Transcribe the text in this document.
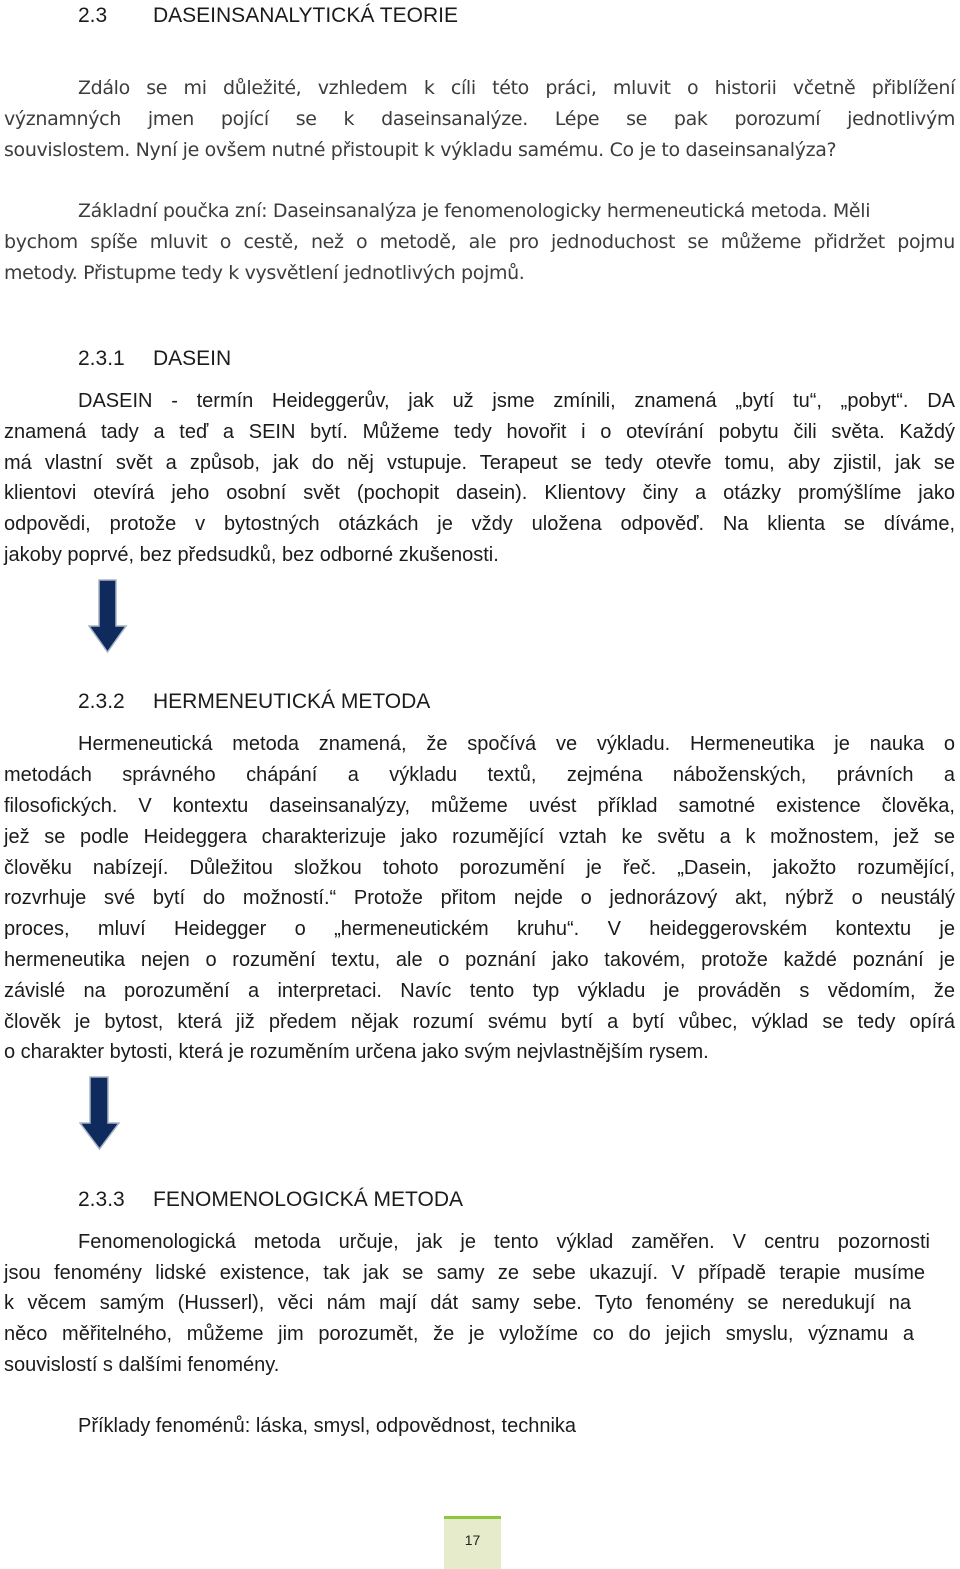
2.3 DASEINSANALYTICKÁ TEORIE
Zdálo se mi důležité, vzhledem k cíli této práci, mluvit o historii včetně přiblížení
významných jmen pojící se k daseinsanalýze. Lépe se pak porozumí jednotlivým
souvislostem. Nyní je ovšem nutné přistoupit k výkladu samému. Co je to daseinsanalýza?
Základní poučka zní: Daseinsanalýza je fenomenologicky hermeneutická metoda. Měli
bychom spíše mluvit o cestě, než o metodě, ale pro jednoduchost se můžeme přidržet pojmu
metody. Přistupme tedy k vysvětlení jednotlivých pojmů.
2.3.1 DASEIN
DASEIN - termín Heideggerův, jak už jsme zmínili, znamená „bytí tu“, „pobyt“. DA
znamená tady a teď a SEIN bytí. Můžeme tedy hovořit i o otevírání pobytu čili světa. Každý
má vlastní svět a způsob, jak do něj vstupuje. Terapeut se tedy otevře tomu, aby zjistil, jak se
klientovi otevírá jeho osobní svět (pochopit dasein). Klientovy činy a otázky promýšlíme jako
odpovědi, protože v bytostných otázkách je vždy uložena odpověď. Na klienta se díváme,
jakoby poprvé, bez předsudků, bez odborné zkušenosti.
2.3.2 HERMENEUTICKÁ METODA
Hermeneutická metoda znamená, že spočívá ve výkladu. Hermeneutika je nauka o
metodách správného chápání a výkladu textů, zejména náboženských, právních a
filosofických. V kontextu daseinsanalýzy, můžeme uvést příklad samotné existence člověka,
jež se podle Heideggera charakterizuje jako rozumějící vztah ke světu a k možnostem, jež se
člověku nabízejí. Důležitou složkou tohoto porozumění je řeč. „Dasein, jakožto rozumějící,
rozvrhuje své bytí do možností.“ Protože přitom nejde o jednorázový akt, nýbrž o neustálý
proces, mluví Heidegger o „hermeneutickém kruhu“. V heideggerovském kontextu je
hermeneutika nejen o rozumění textu, ale o poznání jako takovém, protože každé poznání je
závislé na porozumění a interpretaci. Navíc tento typ výkladu je prováděn s vědomím, že
člověk je bytost, která již předem nějak rozumí svému bytí a bytí vůbec, výklad se tedy opírá
o charakter bytosti, která je rozuměním určena jako svým nejvlastnějším rysem.
2.3.3 FENOMENOLOGICKÁ METODA
Fenomenologická metoda určuje, jak je tento výklad zaměřen. V centru pozornosti
jsou fenomény lidské existence, tak jak se samy ze sebe ukazují. V případě terapie musíme
k věcem samým (Husserl), věci nám mají dát samy sebe. Tyto fenomény se neredukují na
něco měřitelného, můžeme jim porozumět, že je vyložíme co do jejich smyslu, významu a
souvislostí s dalšími fenomény.
Příklady fenoménů: láska, smysl, odpovědnost, technika
17
